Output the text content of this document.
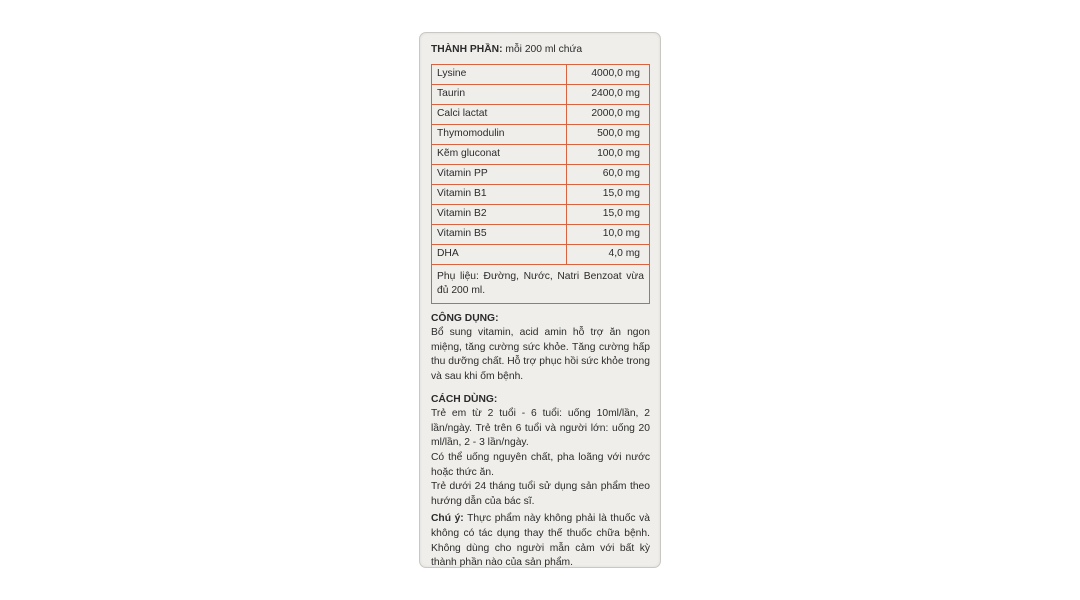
THÀNH PHẦN: mỗi 200 ml chứa
Lysine	4000,0 mg
Taurin	2400,0 mg
Calci lactat	2000,0 mg
Thymomodulin	500,0 mg
Kẽm gluconat	100,0 mg
Vitamin PP	60,0 mg
Vitamin B1	15,0 mg
Vitamin B2	15,0 mg
Vitamin B5	10,0 mg
DHA	4,0 mg
Phụ liệu: Đường, Nước, Natri Benzoat vừa đủ 200 ml.	

CÔNG DỤNG:

Bổ sung vitamin, acid amin hỗ trợ ăn ngon miệng, tăng cường sức khỏe. Tăng cường hấp thu dưỡng chất. Hỗ trợ phục hồi sức khỏe trong và sau khi ốm bệnh.

CÁCH DÙNG:

Trẻ em từ 2 tuổi - 6 tuổi: uống 10ml/lần, 2 lần/ngày. Trẻ trên 6 tuổi và người lớn: uống 20 ml/lần, 2 - 3 lần/ngày.

Có thể uống nguyên chất, pha loãng với nước hoặc thức ăn.

Trẻ dưới 24 tháng tuổi sử dụng sản phẩm theo hướng dẫn của bác sĩ.

Chú ý: Thực phẩm này không phải là thuốc và không có tác dụng thay thế thuốc chữa bệnh. Không dùng cho người mẫn cảm với bất kỳ thành phần nào của sản phẩm.
